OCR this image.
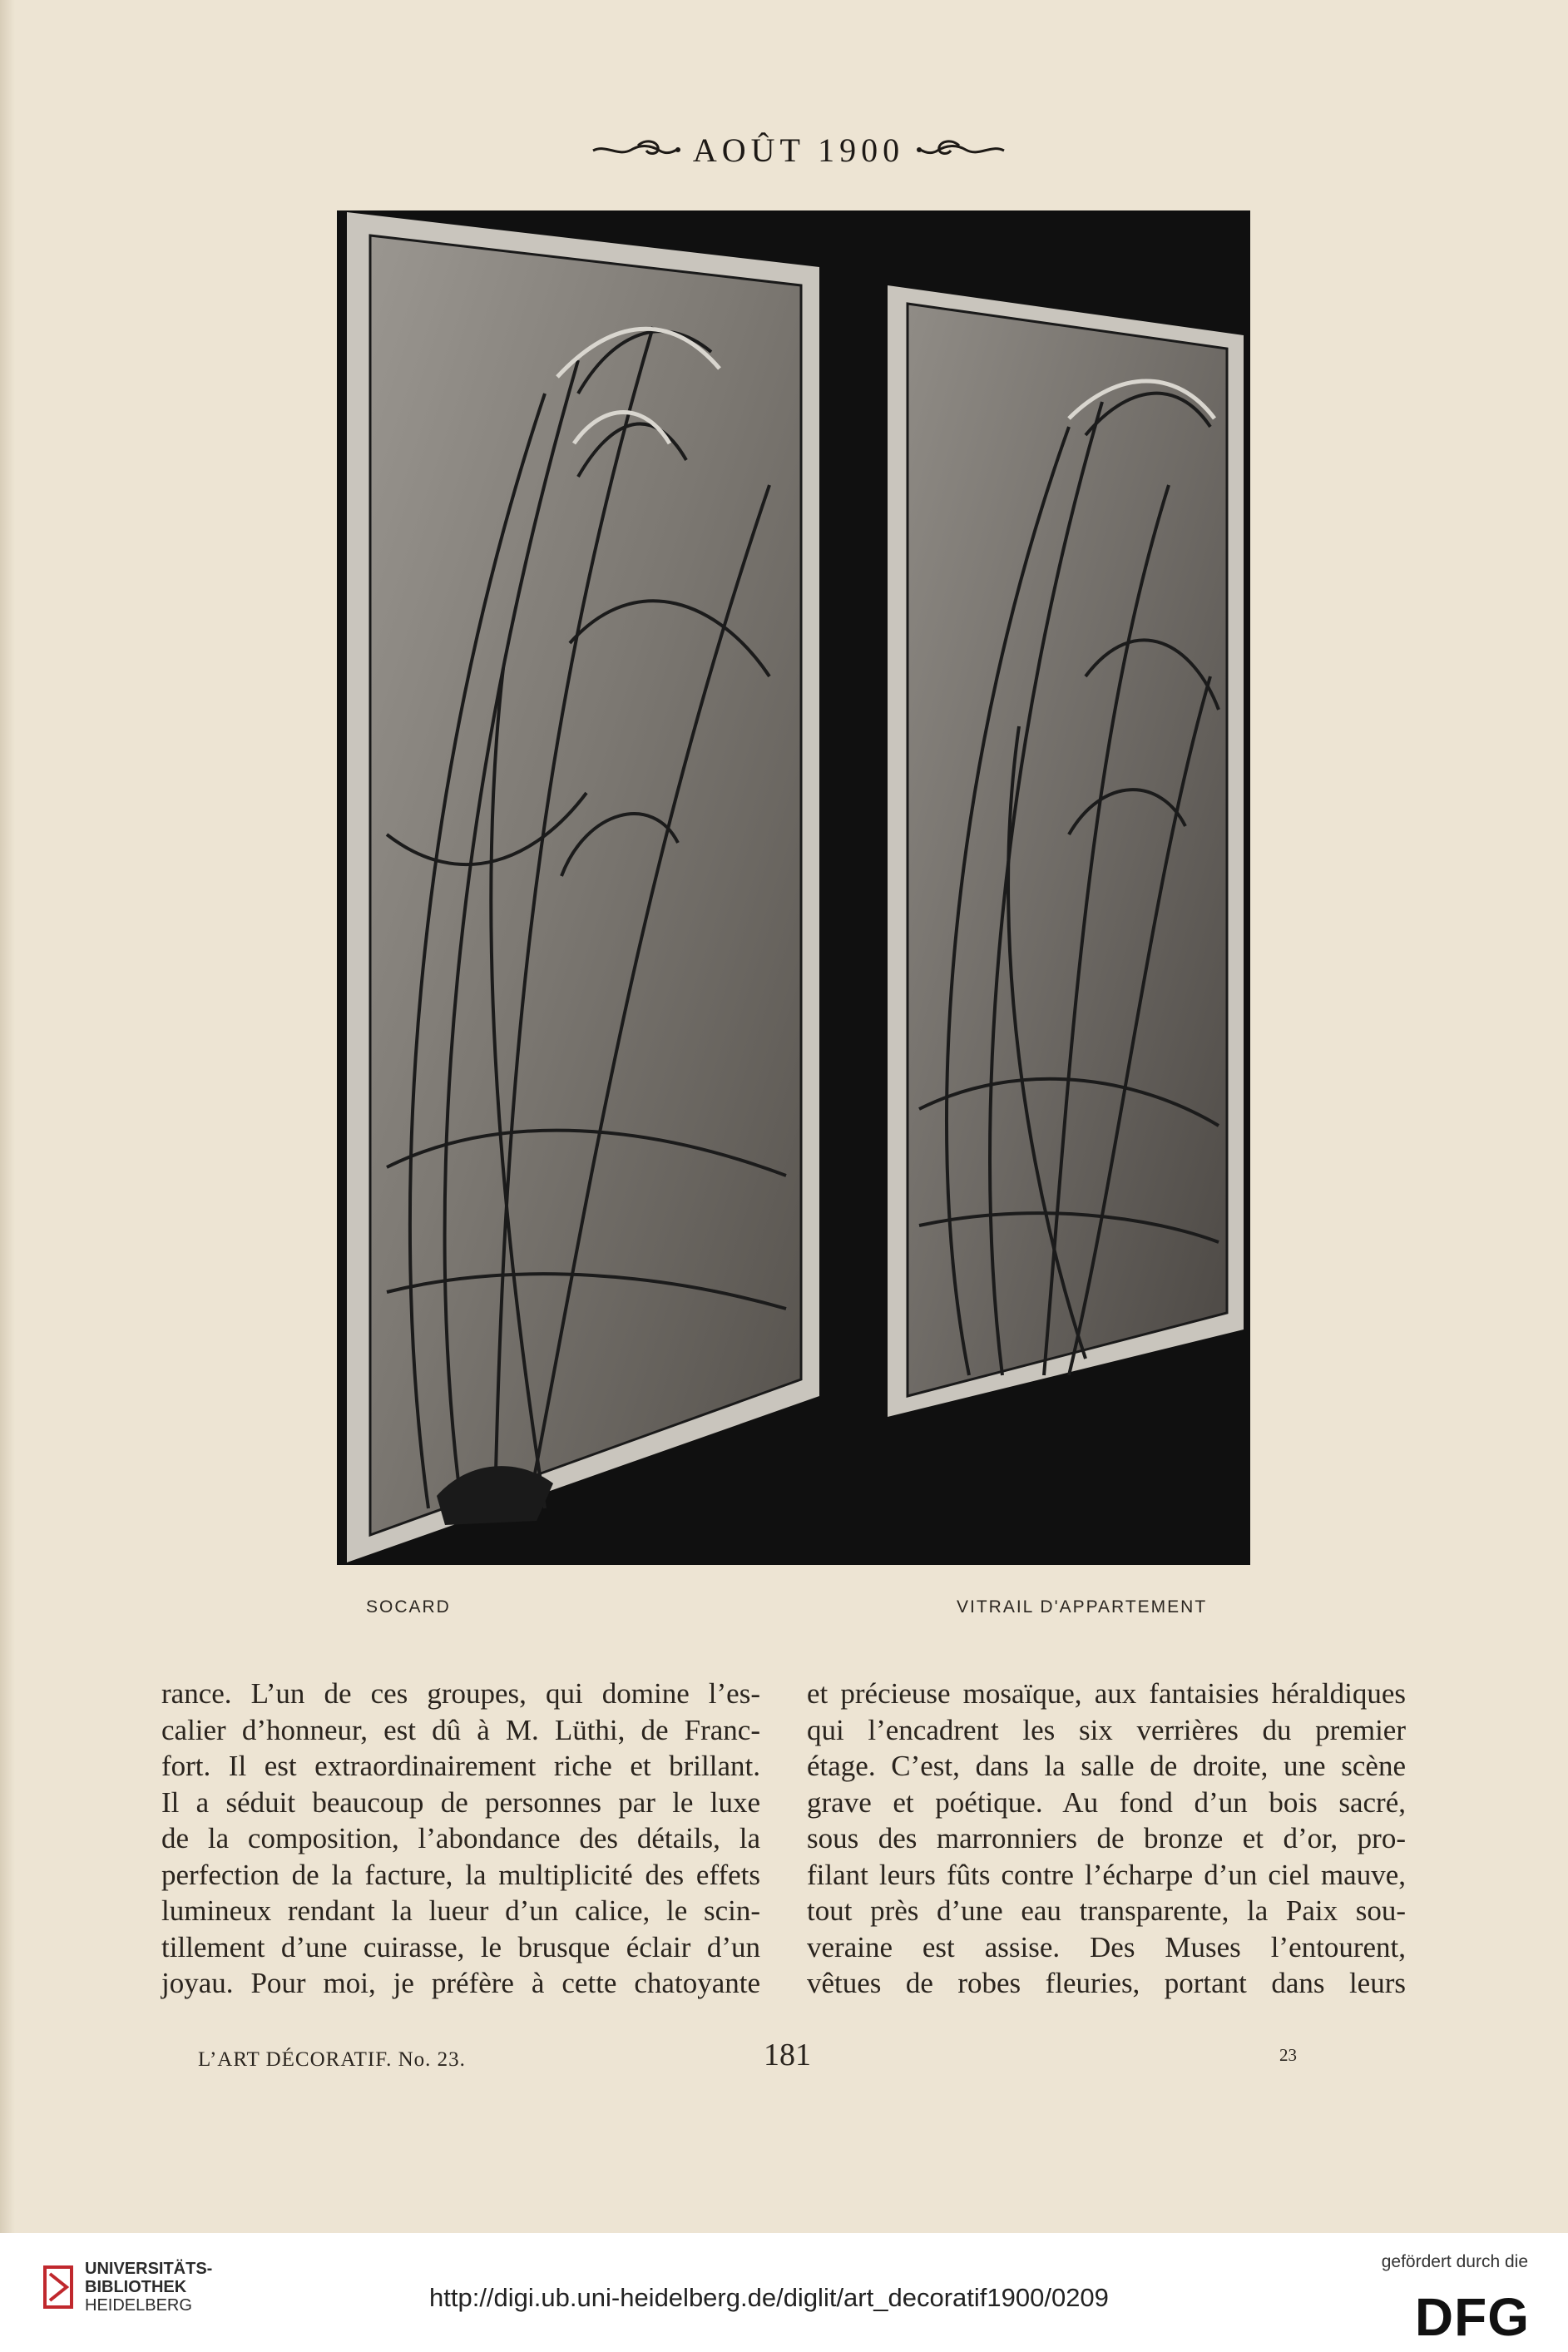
AOÛT 1900
SOCARD	VITRAIL D'APPARTEMENT
rance. L’un de ces groupes, qui domine l’es-
calier d’honneur, est dû à M. Lüthi, de Franc-
fort. Il est extraordinairement riche et brillant.
Il a séduit beaucoup de personnes par le luxe
de la composition, l’abondance des détails, la
perfection de la facture, la multiplicité des effets
lumineux rendant la lueur d’un calice, le scin-
tillement d’une cuirasse, le brusque éclair d’un
joyau. Pour moi, je préfère à cette chatoyante
et précieuse mosaïque, aux fantaisies héraldiques
qui l’encadrent les six verrières du premier
étage. C’est, dans la salle de droite, une scène
grave et poétique. Au fond d’un bois sacré,
sous des marronniers de bronze et d’or, pro-
filant leurs fûts contre l’écharpe d’un ciel mauve,
tout près d’une eau transparente, la Paix sou-
veraine est assise. Des Muses l’entourent,
vêtues de robes fleuries, portant dans leurs
L’ART DÉCORATIF. No. 23.	181	23
UNIVERSITÄTS-
BIBLIOTHEK
HEIDELBERG	http://digi.ub.uni-heidelberg.de/diglit/art_decoratif1900/0209
gefördert durch die
DFG
